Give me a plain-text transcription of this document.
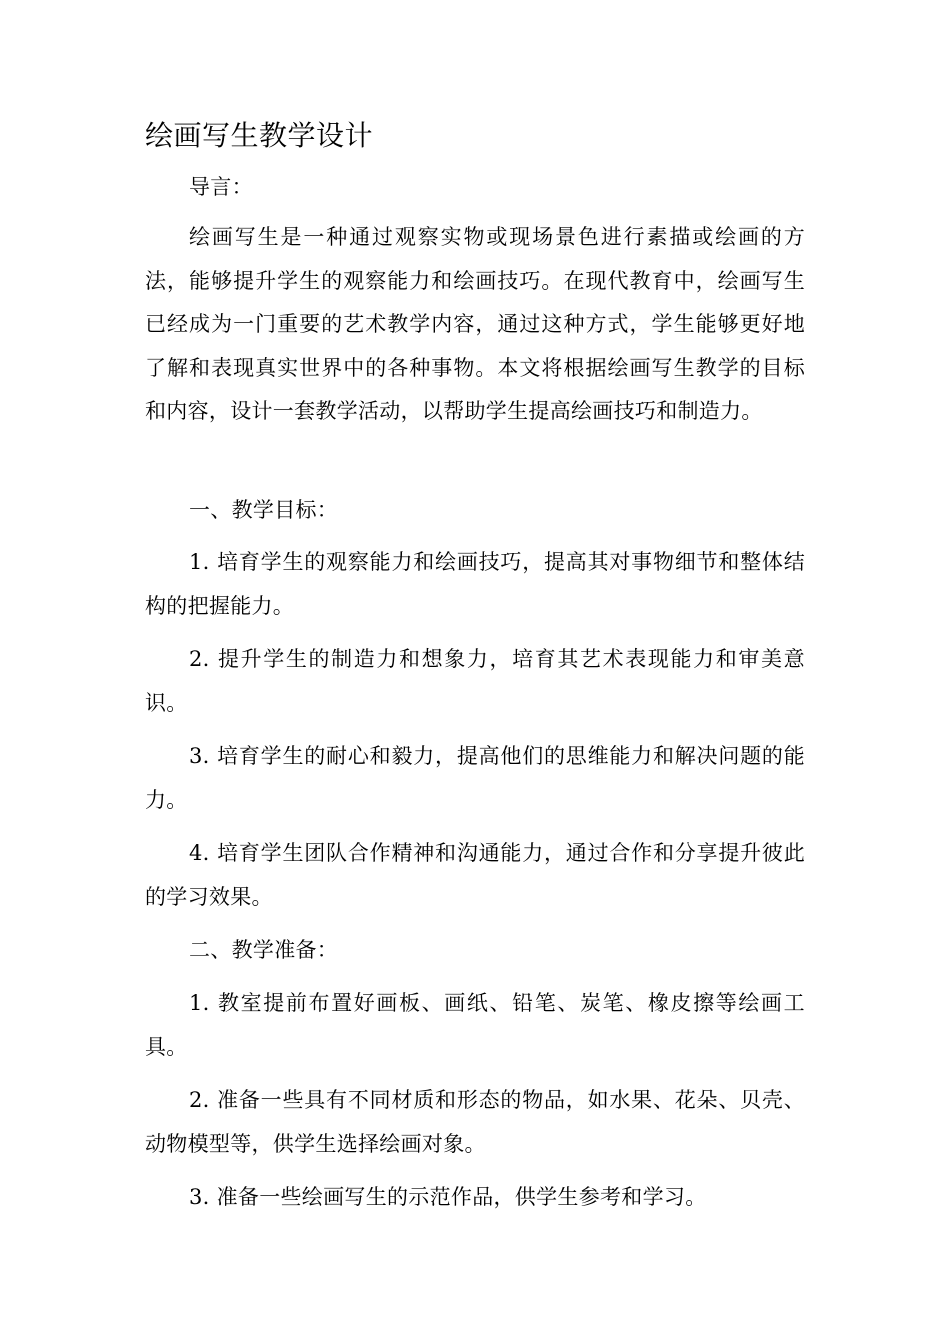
绘画写生教学设计

导言：

绘画写生是一种通过观察实物或现场景色进行素描或绘画的方法，能够提升学生的观察能力和绘画技巧。在现代教育中，绘画写生已经成为一门重要的艺术教学内容，通过这种方式，学生能够更好地了解和表现真实世界中的各种事物。本文将根据绘画写生教学的目标和内容，设计一套教学活动，以帮助学生提高绘画技巧和制造力。

一、教学目标：

1. 培育学生的观察能力和绘画技巧，提高其对事物细节和整体结构的把握能力。

2. 提升学生的制造力和想象力，培育其艺术表现能力和审美意识。

3. 培育学生的耐心和毅力，提高他们的思维能力和解决问题的能力。

4. 培育学生团队合作精神和沟通能力，通过合作和分享提升彼此的学习效果。

二、教学准备：

1. 教室提前布置好画板、画纸、铅笔、炭笔、橡皮擦等绘画工具。

2. 准备一些具有不同材质和形态的物品，如水果、花朵、贝壳、动物模型等，供学生选择绘画对象。

3. 准备一些绘画写生的示范作品，供学生参考和学习。
